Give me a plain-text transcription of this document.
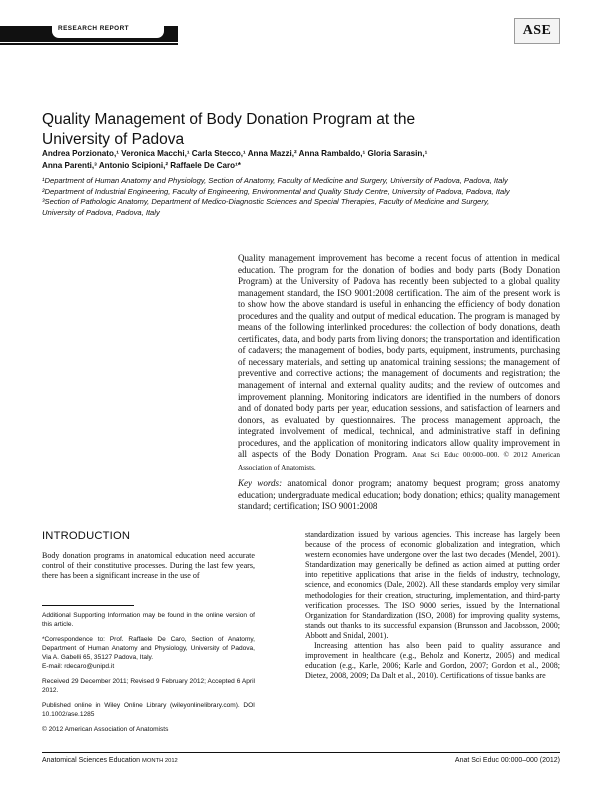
RESEARCH REPORT	ASE
Quality Management of Body Donation Program at the University of Padova
Andrea Porzionato,¹ Veronica Macchi,¹ Carla Stecco,¹ Anna Mazzi,² Anna Rambaldo,¹ Gloria Sarasin,¹
Anna Parenti,³ Antonio Scipioni,² Raffaele De Caro¹*
¹Department of Human Anatomy and Physiology, Section of Anatomy, Faculty of Medicine and Surgery, University of Padova, Padova, Italy
²Department of Industrial Engineering, Faculty of Engineering, Environmental and Quality Study Centre, University of Padova, Padova, Italy
³Section of Pathologic Anatomy, Department of Medico-Diagnostic Sciences and Special Therapies, Faculty of Medicine and Surgery, University of Padova, Padova, Italy
Quality management improvement has become a recent focus of attention in medical education. The program for the donation of bodies and body parts (Body Donation Program) at the University of Padova has recently been subjected to a global quality management standard, the ISO 9001:2008 certification. The aim of the present work is to show how the above standard is useful in enhancing the efficiency of body donation procedures and the quality and output of medical education. The program is managed by means of the following interlinked procedures: the collection of body donations, death certificates, data, and body parts from living donors; the transportation and identification of cadavers; the management of bodies, body parts, equipment, instruments, purchasing of necessary materials, and setting up anatomical training sessions; the management of preventive and corrective actions; the management of documents and registration; the management of internal and external quality audits; and the review of outcomes and improvement planning. Monitoring indicators are identified in the numbers of donors and of donated body parts per year, education sessions, and satisfaction of learners and donors, as evaluated by questionnaires. The process management approach, the integrated involvement of medical, technical, and administrative staff in defining procedures, and the application of monitoring indicators allow quality improvement in all aspects of the Body Donation Program. Anat Sci Educ 00:000–000. © 2012 American Association of Anatomists.
Key words: anatomical donor program; anatomy bequest program; gross anatomy education; undergraduate medical education; body donation; ethics; quality management standard; certification; ISO 9001:2008
INTRODUCTION
Body donation programs in anatomical education need accurate control of their constitutive processes. During the last few years, there has been a significant increase in the use of

standardization issued by various agencies. This increase has largely been because of the process of economic globalization and integration, which western economies have undergone over the last two decades (Mendel, 2001). Standardization may generically be defined as action aimed at putting order into repetitive applications that arise in the fields of industry, technology, science, and economics (Dale, 2002). All these standards employ very similar methodologies for their creation, structuring, implementation, and third-party verification processes. The ISO 9000 series, issued by the International Organization for Standardization (ISO, 2008) for improving quality systems, stands out thanks to its successful expansion (Brunsson and Jacobsson, 2000; Abbott and Snidal, 2001).

Increasing attention has also been paid to quality assurance and improvement in healthcare (e.g., Beholz and Konertz, 2005) and medical education (e.g., Karle, 2006; Karle and Gordon, 2007; Gordon et al., 2008; Dietez, 2008, 2009; Da Dalt et al., 2010). Certifications of tissue banks are

Additional Supporting Information may be found in the online version of this article.

*Correspondence to: Prof. Raffaele De Caro, Section of Anatomy, Department of Human Anatomy and Physiology, University of Padova, Via A. Gabelli 65, 35127 Padova, Italy.

E-mail: rdecaro@unipd.it

Received 29 December 2011; Revised 9 February 2012; Accepted 6 April 2012.

Published online in Wiley Online Library (wileyonlinelibrary.com). DOI 10.1002/ase.1285

© 2012 American Association of Anatomists

Anatomical Sciences Education MONTH 2012	Anat Sci Educ 00:000–000 (2012)
